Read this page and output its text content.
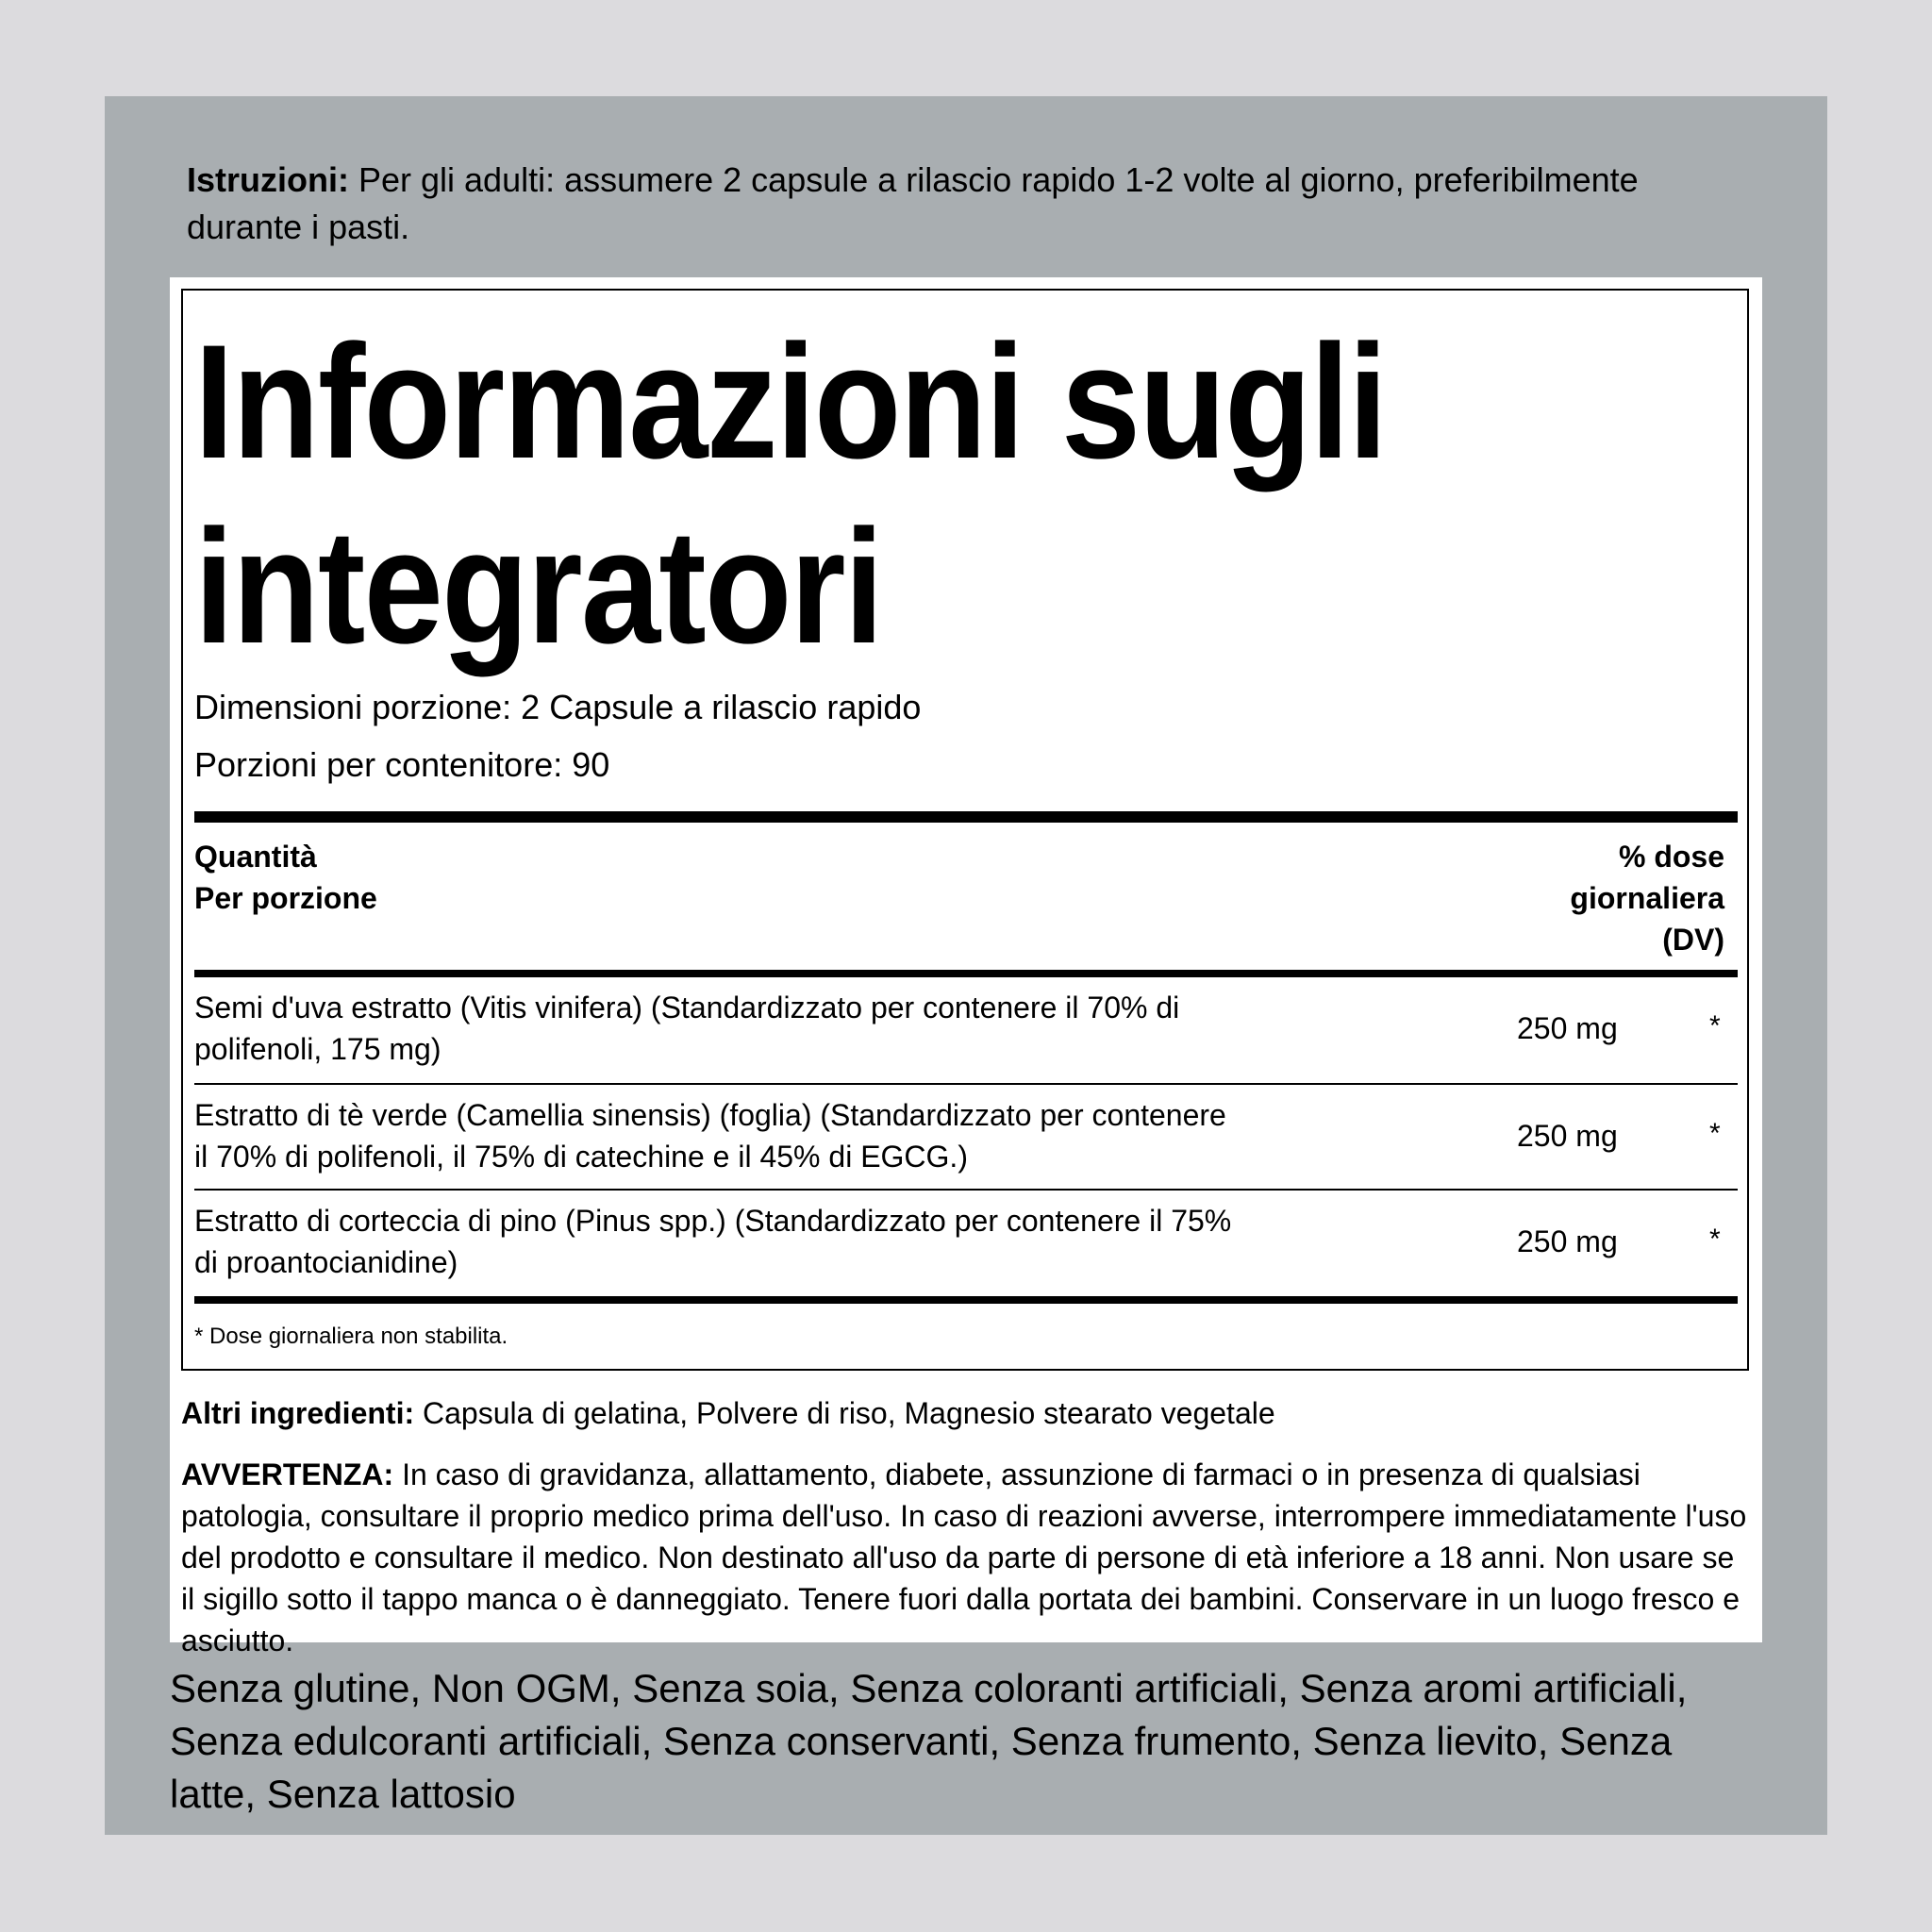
Istruzioni: Per gli adulti: assumere 2 capsule a rilascio rapido 1-2 volte al giorno, preferibilmente durante i pasti.
Informazioni sugli integratori
Dimensioni porzione: 2 Capsule a rilascio rapido
Porzioni per contenitore: 90
Quantità
Per porzione
% dose
giornaliera
(DV)
Semi d'uva estratto (Vitis vinifera) (Standardizzato per contenere il 70% di polifenoli, 175 mg)
250 mg	*
Estratto di tè verde (Camellia sinensis) (foglia) (Standardizzato per contenere il 70% di polifenoli, il 75% di catechine e il 45% di EGCG.)
250 mg	*
Estratto di corteccia di pino (Pinus spp.) (Standardizzato per contenere il 75% di proantocianidine)
250 mg	*
* Dose giornaliera non stabilita.
Altri ingredienti: Capsula di gelatina, Polvere di riso, Magnesio stearato vegetale
AVVERTENZA: In caso di gravidanza, allattamento, diabete, assunzione di farmaci o in presenza di qualsiasi patologia, consultare il proprio medico prima dell'uso. In caso di reazioni avverse, interrompere immediatamente l'uso del prodotto e consultare il medico. Non destinato all'uso da parte di persone di età inferiore a 18 anni. Non usare se il sigillo sotto il tappo manca o è danneggiato. Tenere fuori dalla portata dei bambini. Conservare in un luogo fresco e asciutto.
Senza glutine, Non OGM, Senza soia, Senza coloranti artificiali, Senza aromi artificiali, Senza edulcoranti artificiali, Senza conservanti, Senza frumento, Senza lievito, Senza latte, Senza lattosio
